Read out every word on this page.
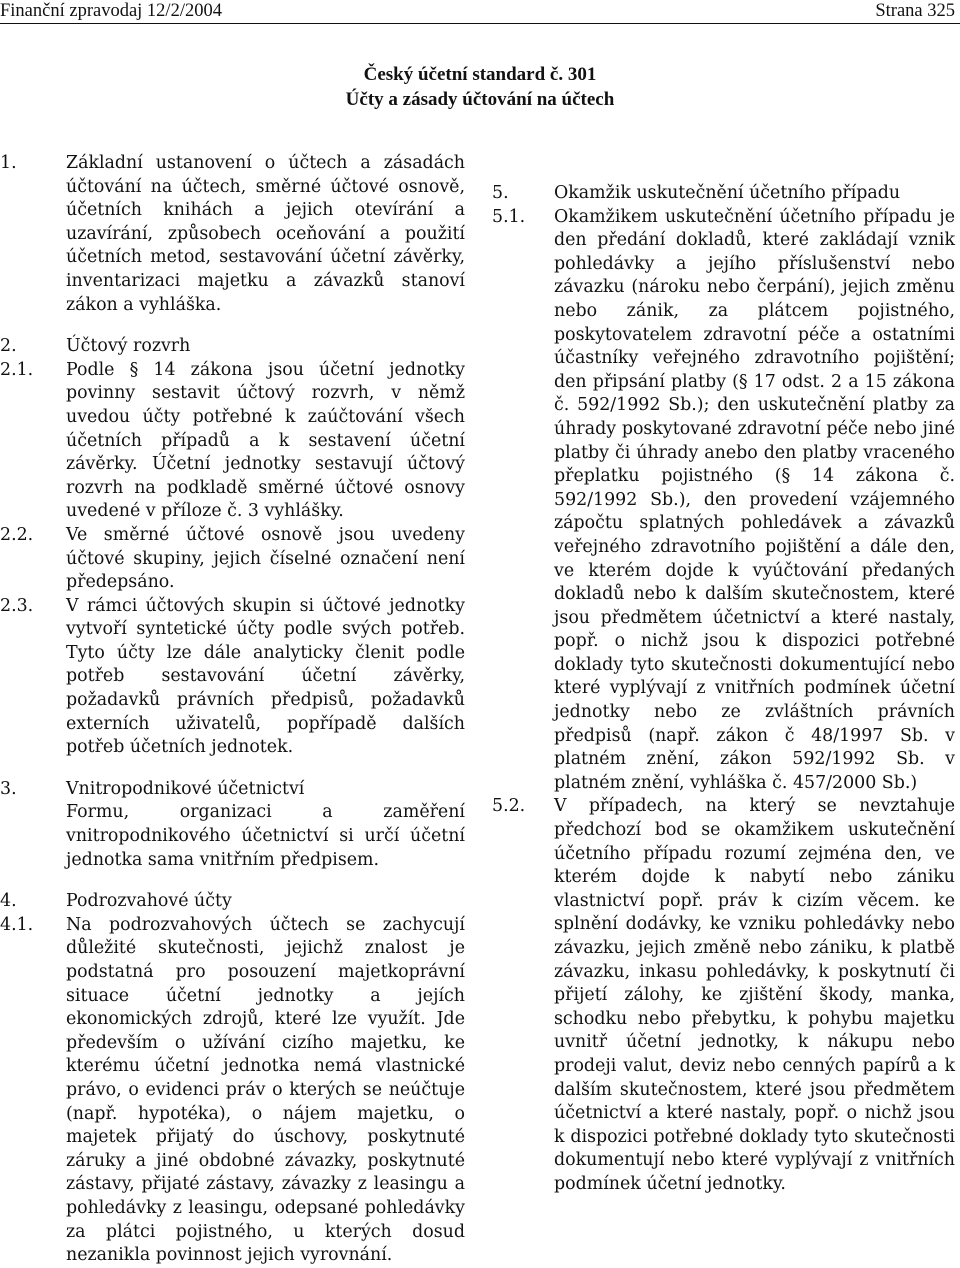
Finanční zpravodaj 12/2/2004	Strana 325
Český účetní standard č. 301
Účty a zásady účtování na účtech
1.	Základní ustanovení o účtech a zásadách účtování na účtech, směrné účtové osnově, účetních knihách a jejich otevírání a uzavírání, způsobech oceňování a použití účetních metod, sestavování účetní závěrky, inventarizaci majetku a závazků stanoví zákon a vyhláška.
2.	Účtový rozvrh
2.1.	Podle § 14 zákona jsou účetní jednotky povinny sestavit účtový rozvrh, v němž uvedou účty potřebné k zaúčtování všech účetních případů a k sestavení účetní závěrky. Účetní jednotky sestavují účtový rozvrh na podkladě směrné účtové osnovy uvedené v příloze č. 3 vyhlášky.
2.2.	Ve směrné účtové osnově jsou uvedeny účtové skupiny, jejich číselné označení není předepsáno.
2.3.	V rámci účtových skupin si účtové jednotky vytvoří syntetické účty podle svých potřeb. Tyto účty lze dále analyticky členit podle potřeb sestavování účetní závěrky, požadavků právních předpisů, požadavků externích uživatelů, popřípadě dalších potřeb účetních jednotek.
3.	Vnitropodnikové účetnictví
Formu, organizaci a zaměření vnitropodnikového účetnictví si určí účetní jednotka sama vnitřním předpisem.
4.	Podrozvahové účty
4.1.	Na podrozvahových účtech se zachycují důležité skutečnosti, jejichž znalost je podstatná pro posouzení majetkoprávní situace účetní jednotky a jejích ekonomických zdrojů, které lze využít. Jde především o užívání cizího majetku, ke kterému účetní jednotka nemá vlastnické právo, o evidenci práv o kterých se neúčtuje (např. hypotéka), o nájem majetku, o majetek přijatý do úschovy, poskytnuté záruky a jiné obdobné závazky, poskytnuté zástavy, přijaté zástavy, závazky z leasingu a pohledávky z leasingu, odepsané pohledávky za plátci pojistného, u kterých dosud nezanikla povinnost jejich vyrovnání.
5.	Okamžik uskutečnění účetního případu
5.1.	Okamžikem uskutečnění účetního případu je den předání dokladů, které zakládají vznik pohledávky a jejího příslušenství nebo závazku (nároku nebo čerpání), jejich změnu nebo zánik, za plátcem pojistného, poskytovatelem zdravotní péče a ostatními účastníky veřejného zdravotního pojištění; den připsání platby (§ 17 odst. 2 a 15 zákona č. 592/1992 Sb.); den uskutečnění platby za úhrady poskytované zdravotní péče nebo jiné platby či úhrady anebo den platby vraceného přeplatku pojistného (§ 14 zákona č. 592/1992 Sb.), den provedení vzájemného zápočtu splatných pohledávek a závazků veřejného zdravotního pojištění a dále den, ve kterém dojde k vyúčtování předaných dokladů nebo k dalším skutečnostem, které jsou předmětem účetnictví a které nastaly, popř. o nichž jsou k dispozici potřebné doklady tyto skutečnosti dokumentující nebo které vyplývají z vnitřních podmínek účetní jednotky nebo ze zvláštních právních předpisů (např. zákon č 48/1997 Sb. v platném znění, zákon 592/1992 Sb. v platném znění, vyhláška č. 457/2000 Sb.)
5.2.	V případech, na který se nevztahuje předchozí bod se okamžikem uskutečnění účetního případu rozumí zejména den, ve kterém dojde k nabytí nebo zániku vlastnictví popř. práv k cizím věcem. ke splnění dodávky, ke vzniku pohledávky nebo závazku, jejich změně nebo zániku, k platbě závazku, inkasu pohledávky, k poskytnutí či přijetí zálohy, ke zjištění škody, manka, schodku nebo přebytku, k pohybu majetku uvnitř účetní jednotky, k nákupu nebo prodeji valut, deviz nebo cenných papírů a k dalším skutečnostem, které jsou předmětem účetnictví a které nastaly, popř. o nichž jsou k dispozici potřebné doklady tyto skutečnosti dokumentují nebo které vyplývají z vnitřních podmínek účetní jednotky.
